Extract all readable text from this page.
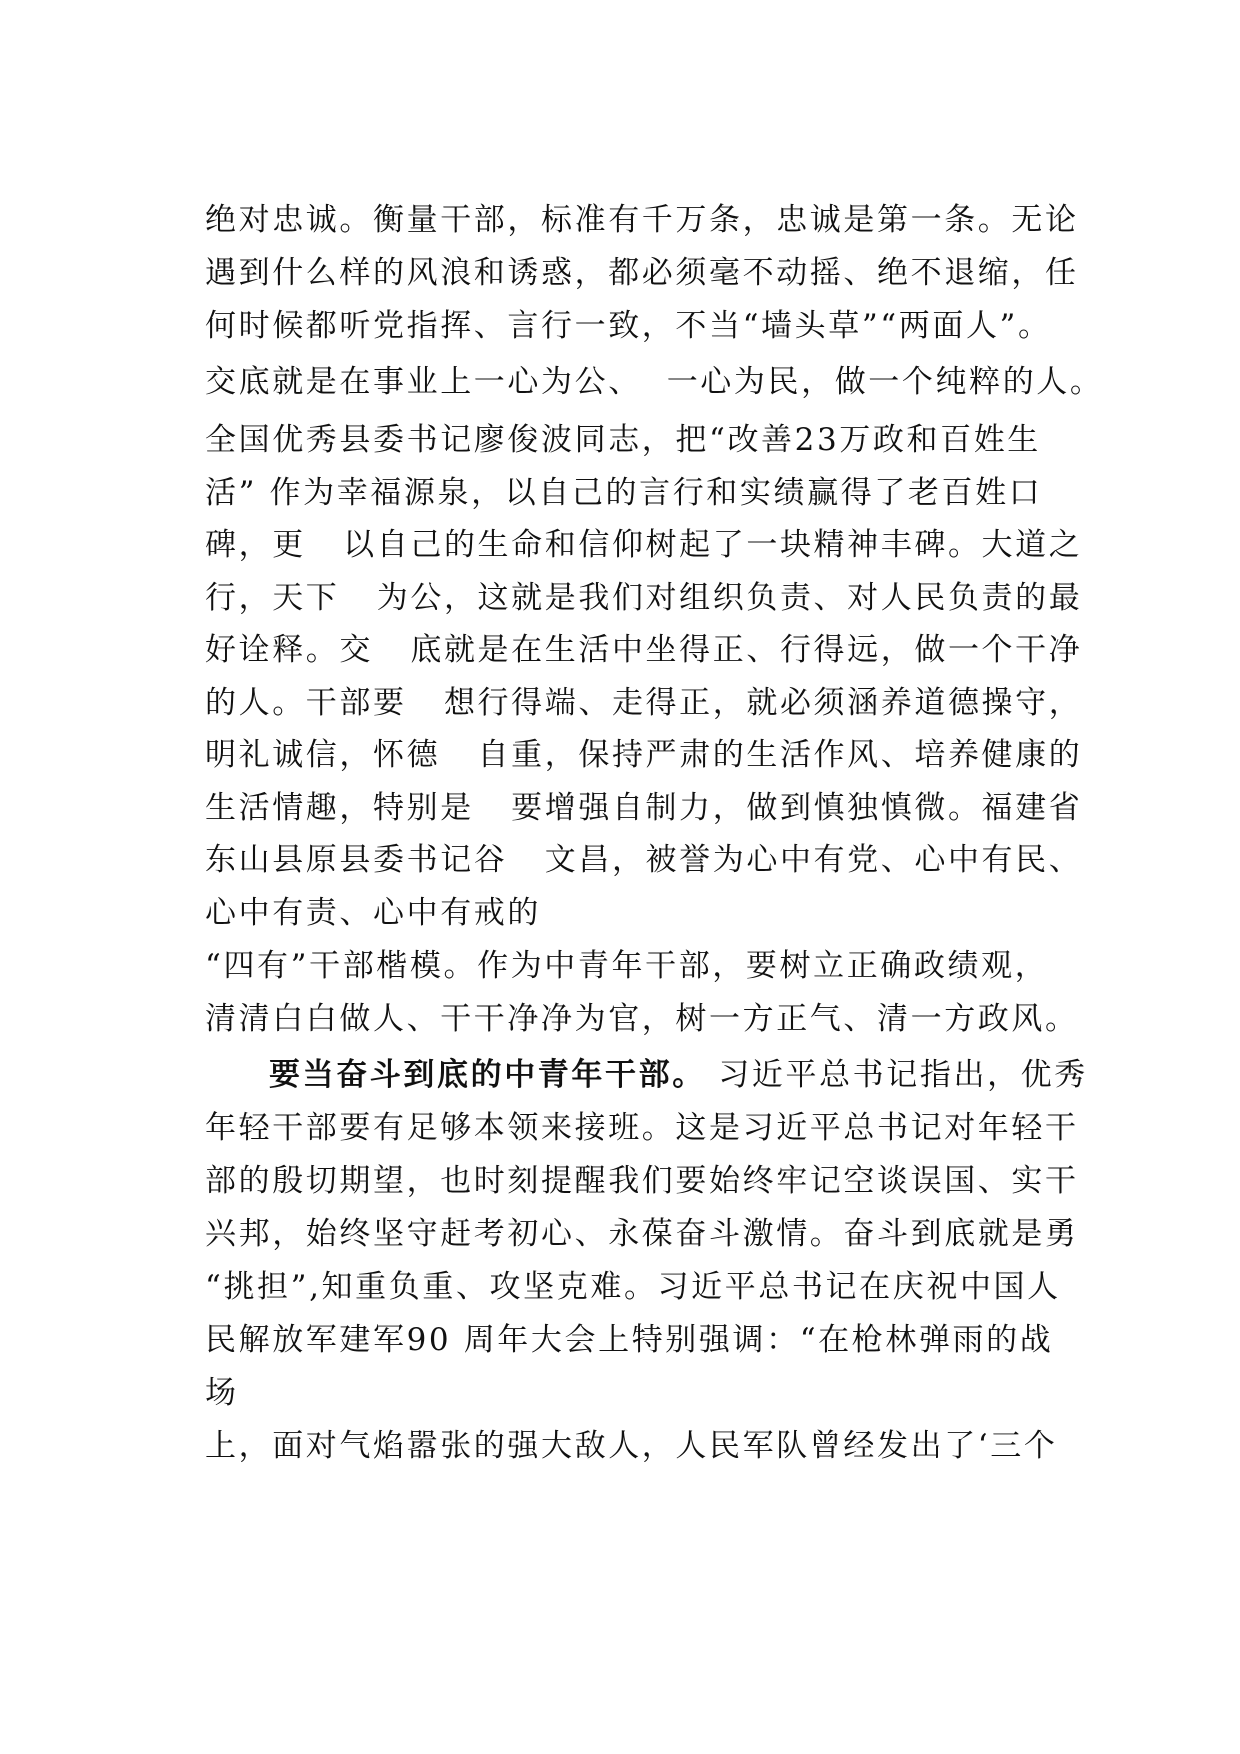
绝对忠诚。衡量干部，标准有千万条，忠诚是第一条。无论
遇到什么样的风浪和诱惑，都必须毫不动摇、绝不退缩，任
何时候都听党指挥、言行一致，不当“墙头草”“两面人”。
交底就是在事业上一心为公、  一心为民，做一个纯粹的人。
全国优秀县委书记廖俊波同志，把“改善23万政和百姓生
活” 作为幸福源泉，以自己的言行和实绩赢得了老百姓口
碑，更   以自己的生命和信仰树起了一块精神丰碑。大道之
行，天下   为公，这就是我们对组织负责、对人民负责的最
好诠释。交   底就是在生活中坐得正、行得远，做一个干净
的人。干部要   想行得端、走得正，就必须涵养道德操守，
明礼诚信，怀德   自重，保持严肃的生活作风、培养健康的
生活情趣，特别是   要增强自制力，做到慎独慎微。福建省
东山县原县委书记谷   文昌，被誉为心中有党、心中有民、
心中有责、心中有戒的
“四有”干部楷模。作为中青年干部，要树立正确政绩观，
清清白白做人、干干净净为官，树一方正气、清一方政风。
要当奋斗到底的中青年干部。 习近平总书记指出，优秀
年轻干部要有足够本领来接班。这是习近平总书记对年轻干
部的殷切期望，也时刻提醒我们要始终牢记空谈误国、实干
兴邦，始终坚守赶考初心、永葆奋斗激情。奋斗到底就是勇
“挑担”,知重负重、攻坚克难。习近平总书记在庆祝中国人
民解放军建军90 周年大会上特别强调：“在枪林弹雨的战
场
上，面对气焰嚣张的强大敌人，人民军队曾经发出了‘三个
